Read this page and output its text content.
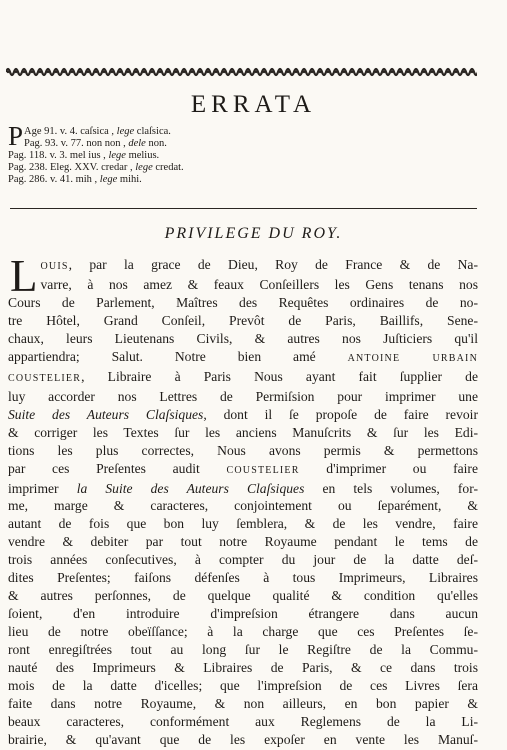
ERRATA
P Age 91. v. 4. caſsica , lege claſsica.
Pag. 93. v. 77. non non , dele non.
Pag. 118. v. 3. mel ius , lege melius.
Pag. 238. Eleg. XXV. credar , lege credat.
Pag. 286. v. 41. mih , lege mihi.
PRIVILEGE DU ROY.
L OUIS, par la grace de Dieu, Roy de France & de Na-
varre, à nos amez & feaux Conſeillers les Gens tenans nos
Cours de Parlement, Maîtres des Requêtes ordinaires de no-
tre Hôtel, Grand Conſeil, Prevôt de Paris, Baillifs, Sene-
chaux, leurs Lieutenans Civils, & autres nos Juſticiers qu'il
appartiendra; Salut. Notre bien amé ANTOINE URBAIN
COUSTELIER, Libraire à Paris Nous ayant fait ſupplier de
luy accorder nos Lettres de Permiſsion pour imprimer une
Suite des Auteurs Claſsiques, dont il ſe propoſe de faire revoir
& corriger les Textes ſur les anciens Manuſcrits & ſur les Edi-
tions les plus correctes, Nous avons permis & permettons
par ces Preſentes audit COUSTELIER d'imprimer ou faire
imprimer la Suite des Auteurs Claſsiques en tels volumes, for-
me, marge & caracteres, conjointement ou ſeparément, &
autant de fois que bon luy ſemblera, & de les vendre, faire
vendre & debiter par tout notre Royaume pendant le tems de
trois années conſecutives, à compter du jour de la datte deſ-
dites Preſentes; faiſons défenſes à tous Imprimeurs, Libraires
& autres perſonnes, de quelque qualité & condition qu'elles
ſoient, d'en introduire d'impreſsion étrangere dans aucun
lieu de notre obeïſſance; à la charge que ces Preſentes ſe-
ront enregiſtrées tout au long ſur le Regiſtre de la Commu-
nauté des Imprimeurs & Libraires de Paris, & ce dans trois
mois de la datte d'icelles; que l'impreſsion de ces Livres ſera
faite dans notre Royaume, & non ailleurs, en bon papier &
beaux caracteres, conformément aux Reglemens de la Li-
brairie, & qu'avant que de les expoſer en vente les Manuſ-
